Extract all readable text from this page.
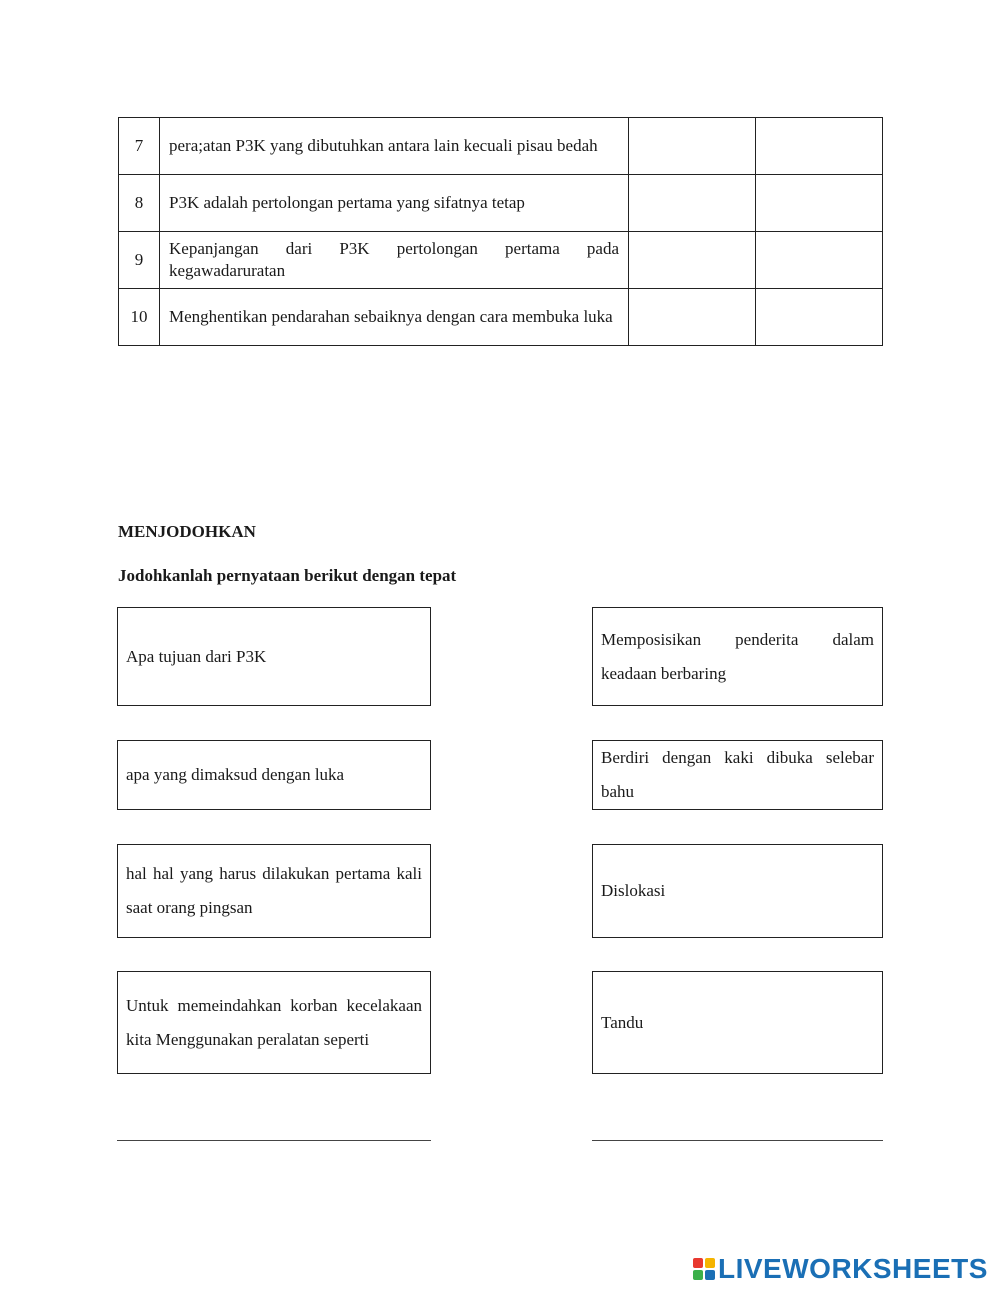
7	pera;atan P3K yang dibutuhkan antara lain kecuali pisau bedah		
8	P3K adalah pertolongan pertama yang sifatnya tetap		
9	Kepanjangan dari P3K pertolongan pertama pada kegawadaruratan		
10	Menghentikan pendarahan sebaiknya dengan cara membuka luka		
MENJODOHKAN
Jodohkanlah pernyataan berikut dengan tepat
Apa tujuan dari P3K
apa yang dimaksud dengan luka
hal hal yang harus dilakukan pertama kali saat orang pingsan
Untuk memeindahkan korban kecelakaan kita Menggunakan peralatan seperti
Memposisikan penderita dalam keadaan berbaring
Berdiri dengan kaki dibuka selebar bahu
Dislokasi
Tandu
LIVEWORKSHEETS
